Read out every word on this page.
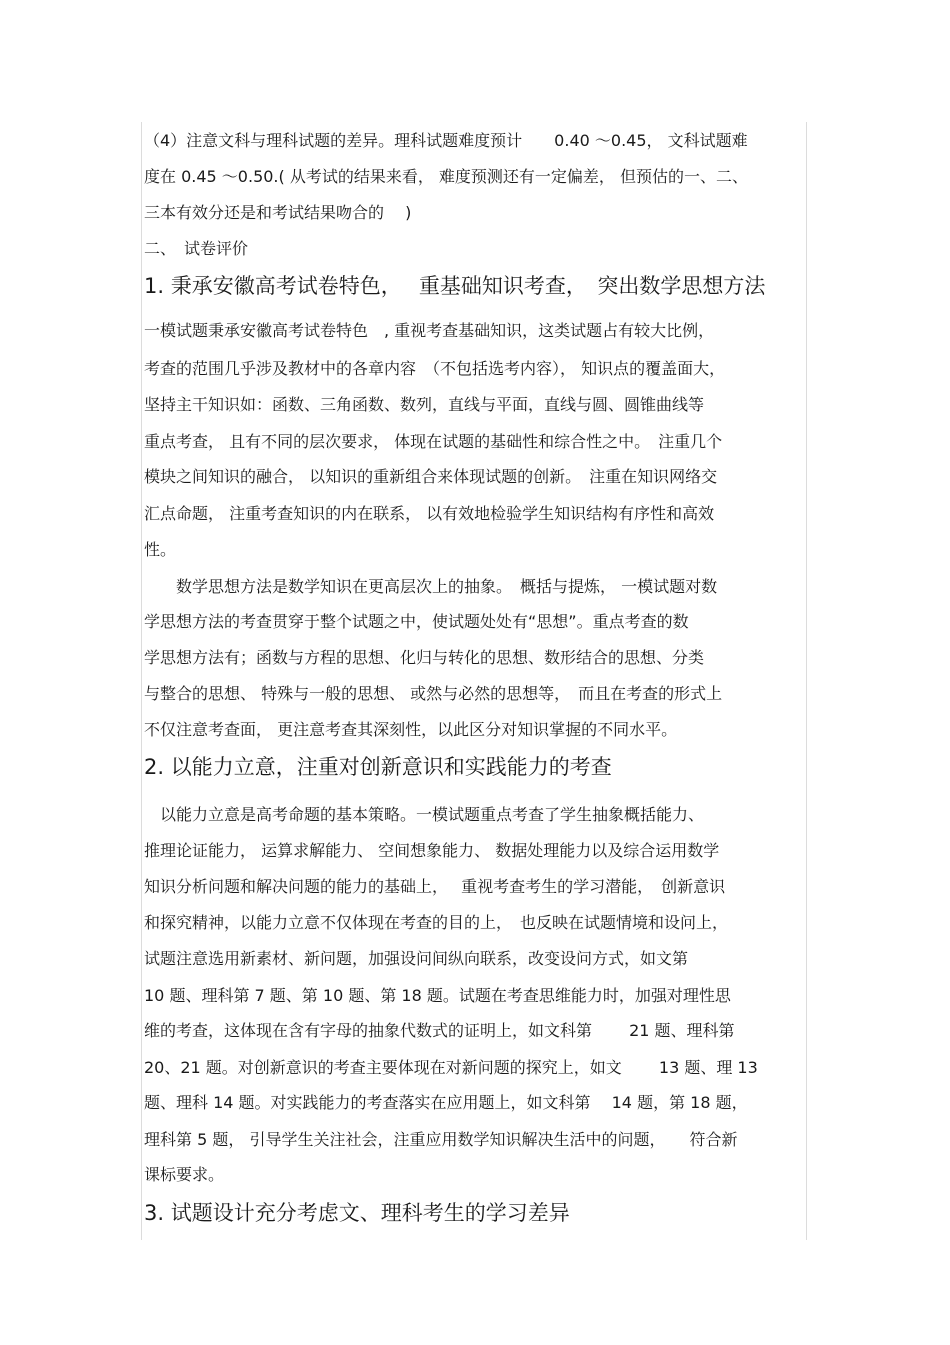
（4）注意文科与理科试题的差异。理科试题难度预计　　0.40 ～0.45， 文科试题难
度在 0.45 ～0.50.( 从考试的结果来看， 难度预测还有一定偏差， 但预估的一、二、
三本有效分还是和考试结果吻合的　 )
二、　试卷评价
1. 秉承安徽高考试卷特色，　 重基础知识考查，　突出数学思想方法
一模试题秉承安徽高考试卷特色　, 重视考查基础知识，这类试题占有较大比例，
考查的范围几乎涉及教材中的各章内容　（不包括选考内容）， 知识点的覆盖面大，
坚持主干知识如：函数、三角函数、数列，直线与平面，直线与圆、圆锥曲线等
重点考查， 且有不同的层次要求， 体现在试题的基础性和综合性之中。　注重几个
模块之间知识的融合， 以知识的重新组合来体现试题的创新。　注重在知识网络交
汇点命题， 注重考查知识的内在联系， 以有效地检验学生知识结构有序性和高效
性。
　　数学思想方法是数学知识在更高层次上的抽象。　概括与提炼， 一模试题对数
学思想方法的考查贯穿于整个试题之中，使试题处处有“思想”。重点考查的数
学思想方法有；函数与方程的思想、化归与转化的思想、数形结合的思想、分类
与整合的思想、 特殊与一般的思想、 或然与必然的思想等，　而且在考查的形式上
不仅注意考查面， 更注意考查其深刻性，以此区分对知识掌握的不同水平。
2. 以能力立意，注重对创新意识和实践能力的考查
　以能力立意是高考命题的基本策略。一模试题重点考查了学生抽象概括能力、
推理论证能力， 运算求解能力、 空间想象能力、 数据处理能力以及综合运用数学
知识分析问题和解决问题的能力的基础上，　 重视考查考生的学习潜能，　创新意识
和探究精神，以能力立意不仅体现在考查的目的上，　也反映在试题情境和设问上，
试题注意选用新素材、新问题，加强设问间纵向联系，改变设问方式，如文第
10 题、理科第 7 题、第 10 题、第 18 题。试题在考查思维能力时，加强对理性思
维的考查，这体现在含有字母的抽象代数式的证明上，如文科第　　 21 题、理科第
20、21 题。对创新意识的考查主要体现在对新问题的探究上，如文　　 13 题、理 13
题、理科 14 题。对实践能力的考查落实在应用题上，如文科第　 14 题，第 18 题，
理科第 5 题， 引导学生关注社会，注重应用数学知识解决生活中的问题，　　符合新
课标要求。
3. 试题设计充分考虑文、理科考生的学习差异
